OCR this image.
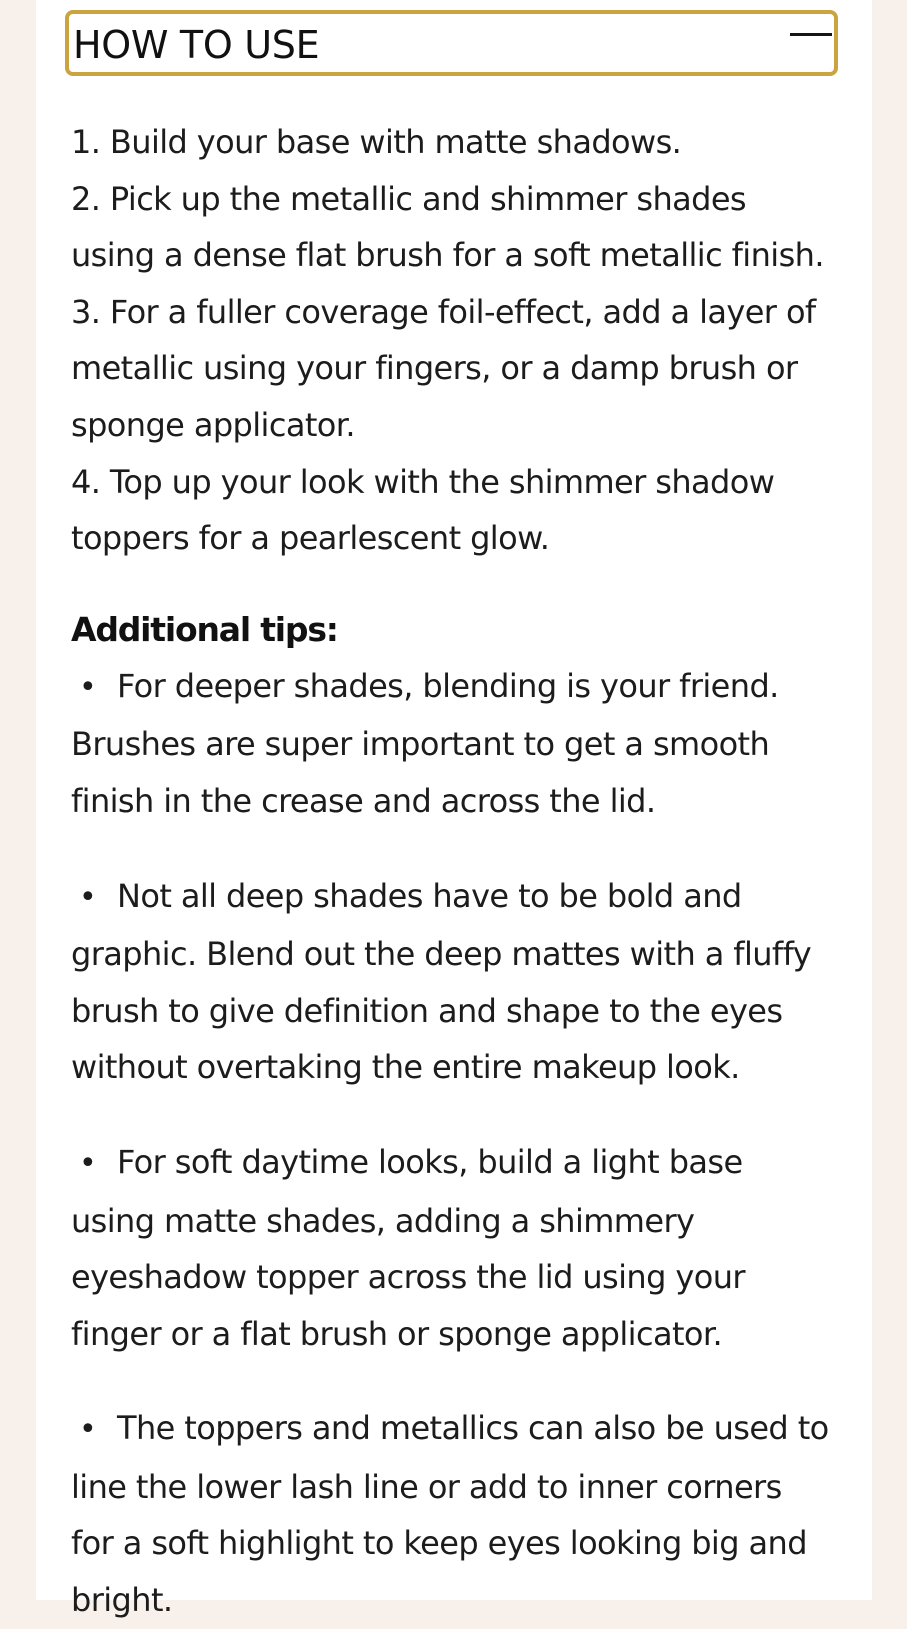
HOW TO USE

1. Build your base with matte shadows.

2. Pick up the metallic and shimmer shades using a dense flat brush for a soft metallic finish.

3. For a fuller coverage foil-effect, add a layer of metallic using your fingers, or a damp brush or sponge applicator.

4. Top up your look with the shimmer shadow toppers for a pearlescent glow.

Additional tips:

• For deeper shades, blending is your friend. Brushes are super important to get a smooth finish in the crease and across the lid.

• Not all deep shades have to be bold and graphic. Blend out the deep mattes with a fluffy brush to give definition and shape to the eyes without overtaking the entire makeup look.

• For soft daytime looks, build a light base using matte shades, adding a shimmery eyeshadow topper across the lid using your finger or a flat brush or sponge applicator.

• The toppers and metallics can also be used to line the lower lash line or add to inner corners for a soft highlight to keep eyes looking big and bright.
